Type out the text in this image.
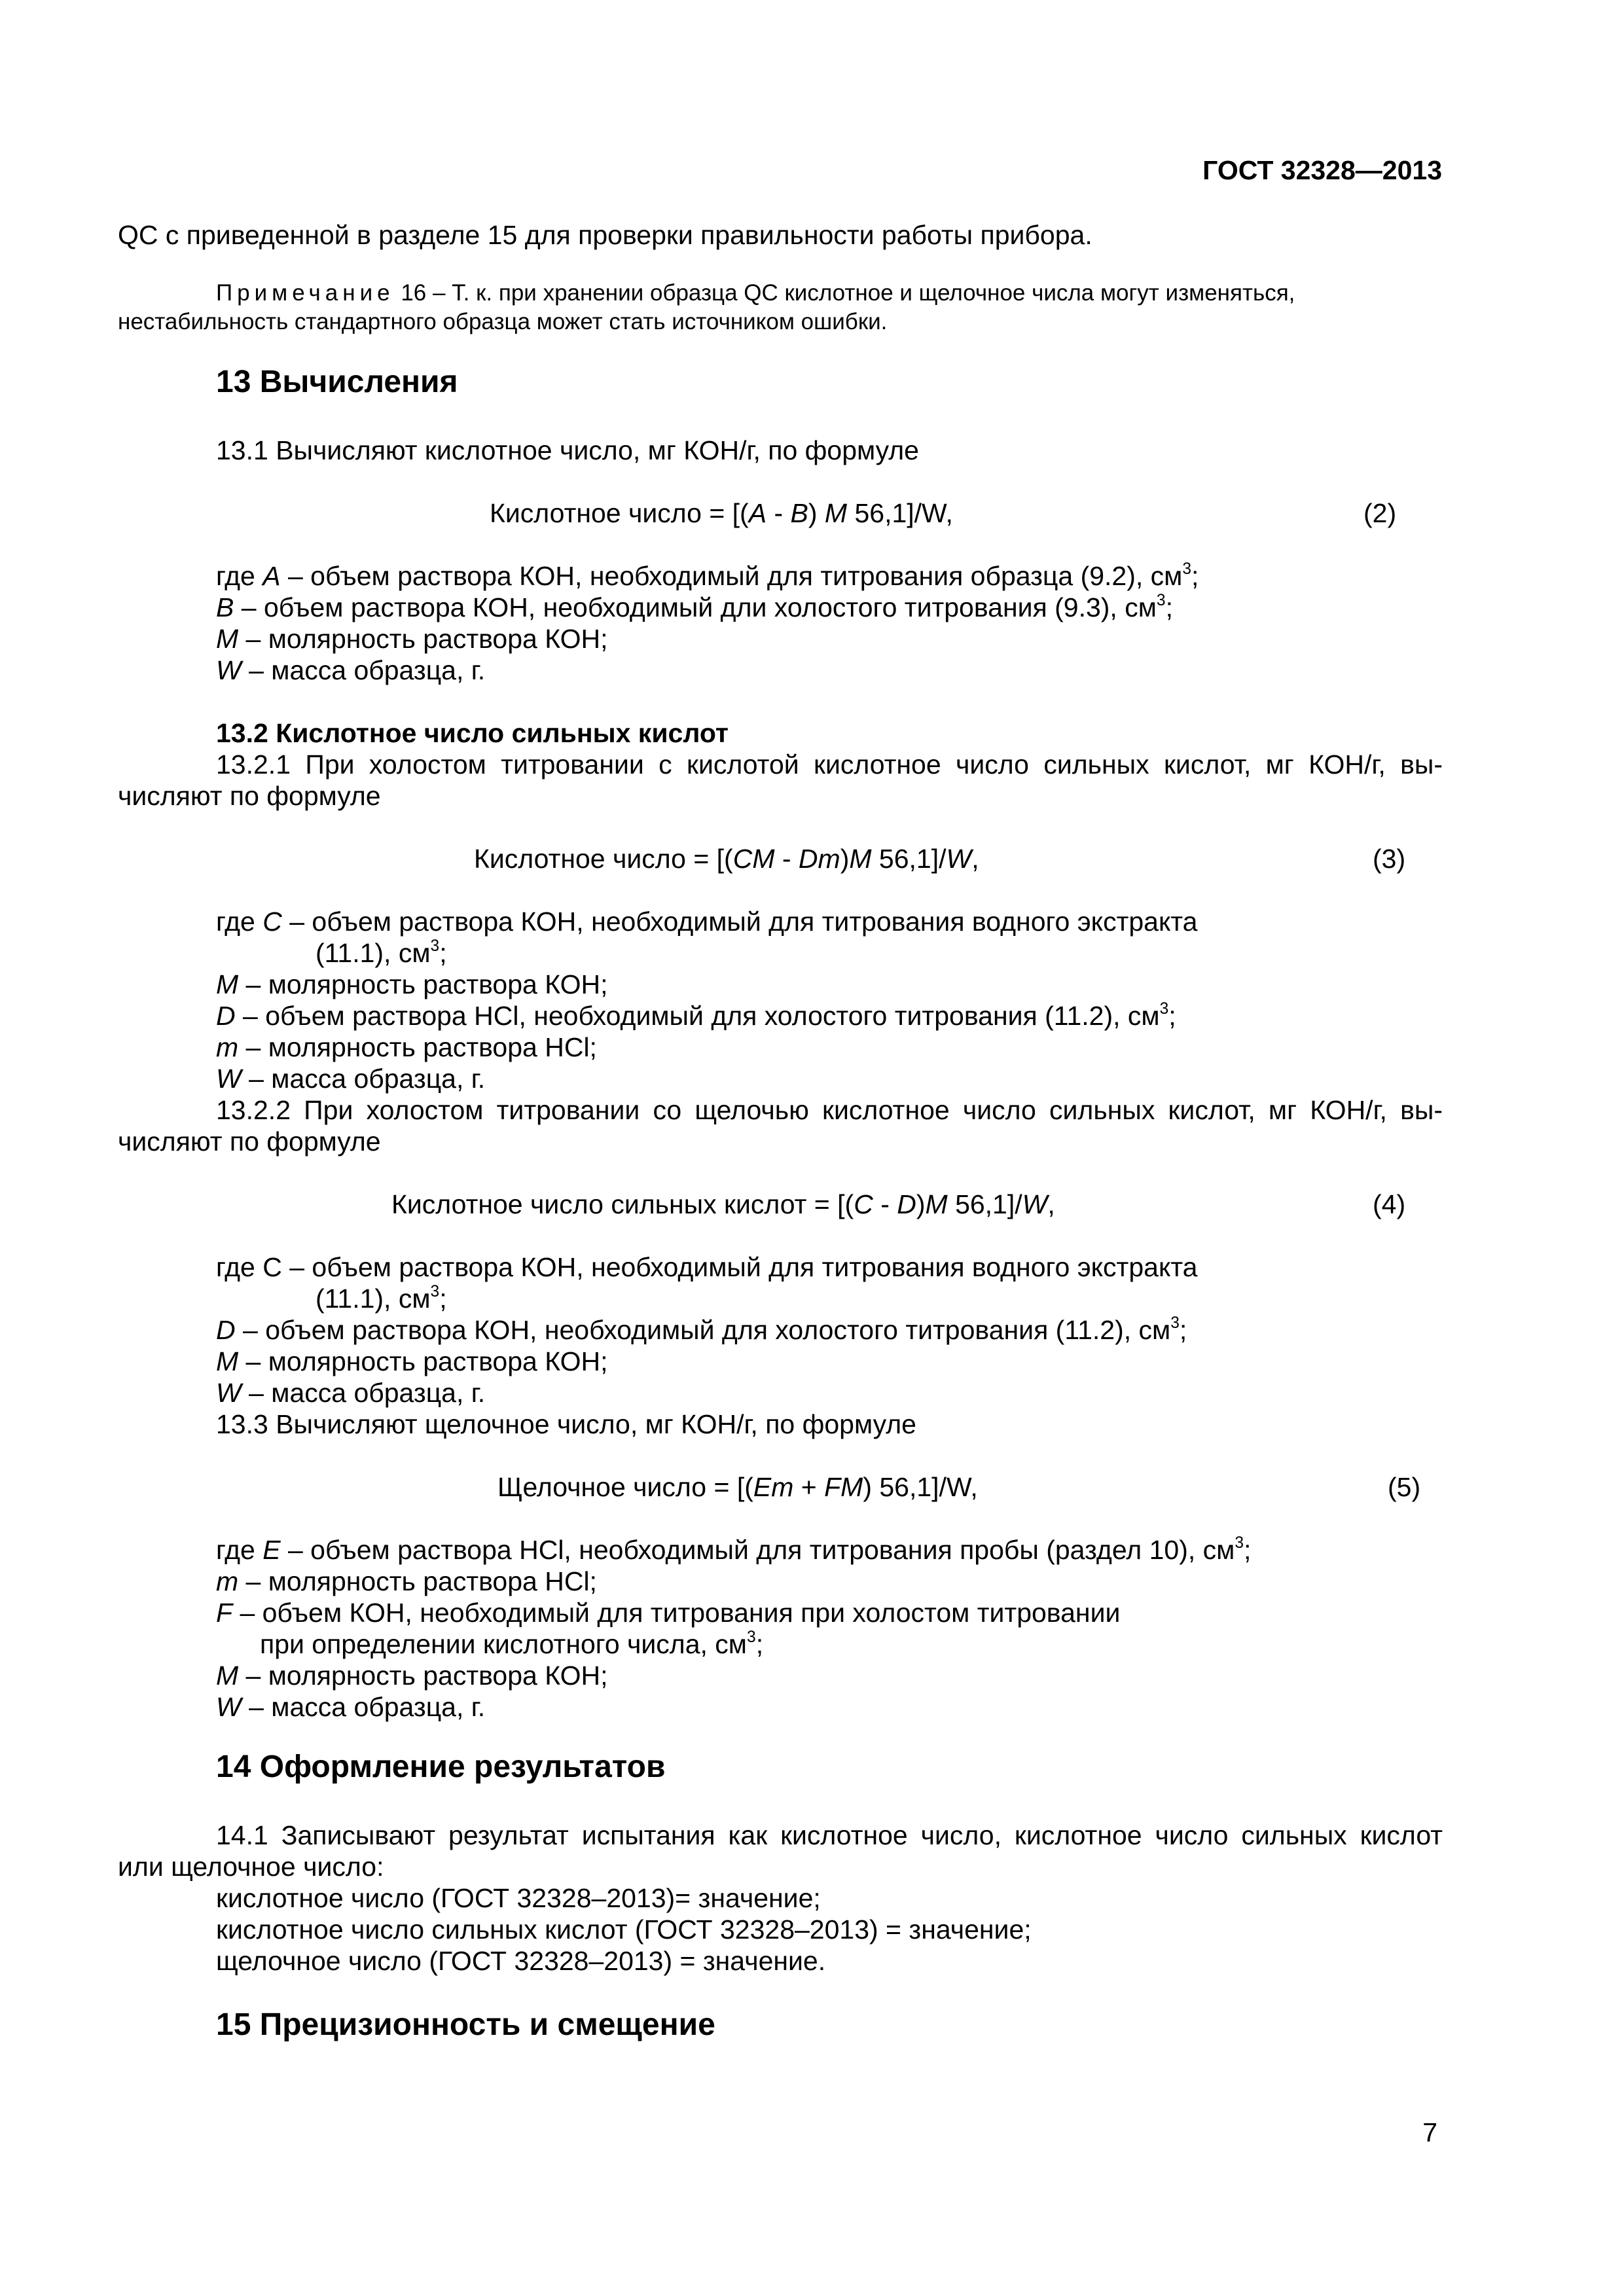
ГОСТ 32328—2013
QC с приведенной в разделе 15 для проверки правильности работы прибора.
Примечание 16 – Т. к. при хранении образца QC кислотное и щелочное числа могут изменяться,
нестабильность стандартного образца может стать источником ошибки.
13 Вычисления
13.1 Вычисляют кислотное число, мг КОН/г, по формуле
Кислотное число = [(A - B) M 56,1]/W,	(2)
где A – объем раствора КОН, необходимый для титрования образца (9.2), $см^3$;
B – объем раствора КОН, необходимый дли холостого титрования (9.3), $см^3$;
M – молярность раствора КОН;
W – масса образца, г.
13.2 Кислотное число сильных кислот
13.2.1 При холостом титровании с кислотой кислотное число сильных кислот, мг КОН/г, вы-
числяют по формуле
Кислотное число = [(CM - Dm)M 56,1]/W,	(3)
где C – объем раствора КОН, необходимый для титрования водного экстракта
(11.1), $см^3$;
M – молярность раствора КОН;
D – объем раствора HCl, необходимый для холостого титрования (11.2), $см^3$;
m – молярность раствора HCl;
W – масса образца, г.
13.2.2 При холостом титровании со щелочью кислотное число сильных кислот, мг КОН/г, вы-
числяют по формуле
Кислотное число сильных кислот = [(C - D)M 56,1]/W,	(4)
где С – объем раствора КОН, необходимый для титрования водного экстракта
(11.1), $см^3$;
D – объем раствора КОН, необходимый для холостого титрования (11.2), $см^3$;
M – молярность раствора КОН;
W – масса образца, г.
13.3 Вычисляют щелочное число, мг КОН/г, по формуле
Щелочное число = [(Em + FM) 56,1]/W,	(5)
где E – объем раствора HCl, необходимый для титрования пробы (раздел 10), $см^3$;
m – молярность раствора HCl;
F – объем КОН, необходимый для титрования при холостом титровании
при определении кислотного числа, $см^3$;
M – молярность раствора КОН;
W – масса образца, г.
14 Оформление результатов
14.1 Записывают результат испытания как кислотное число, кислотное число сильных кислот
или щелочное число:
кислотное число (ГОСТ 32328–2013)= значение;
кислотное число сильных кислот (ГОСТ 32328–2013) = значение;
щелочное число (ГОСТ 32328–2013) = значение.
15 Прецизионность и смещение
7
